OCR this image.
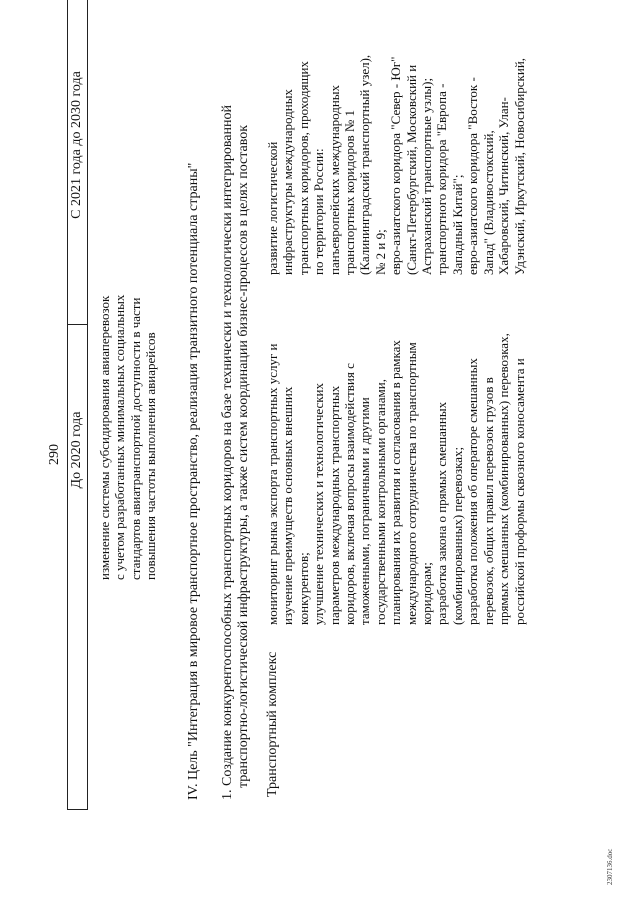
290 До 2020 года
С 2021 года до 2030 года
изменение системы субсидирования авиаперевозок с учетом разработанных минимальных социальных стандартов авиатранспортной доступности в части повышения частоты выполнения авиарейсов IV. Цель "Интеграция в мировое транспортное пространство, реализация транзитного потенциала страны" 1. Создание конкурентоспособных транспортных коридоров на базе технически и технологически интегрированной транспортно-логистической инфраструктуры, а также систем координации бизнес-процессов в целях поставок Транспортный комплекс
мониторинг рынка экспорта транспортных услуг и изучение преимуществ основных внешних конкурентов; улучшение технических и технологических параметров международных транспортных коридоров, включая вопросы взаимодействия с таможенными, пограничными и другими государственными контрольными органами, планирования их развития и согласования в рамках международного сотрудничества по транспортным коридорам; разработка закона о прямых смешанных (комбинированных) перевозках; разработка положения об операторе смешанных перевозок, общих правил перевозок грузов в прямых смешанных (комбинированных) перевозках, российской проформы сквозного коносамента и
развитие логистической инфраструктуры международных транспортных коридоров, проходящих по территории России: панъевропейских международных транспортных коридоров № 1 (Калининградский транспортный узел), № 2 и 9; евро-азиатского коридора "Север - Юг" (Санкт-Петербургский, Московский и Астраханский транспортные узлы); транспортного коридора "Европа - Западный Китай"; евро-азиатского коридора "Восток - Запад" (Владивостокский, Хабаровский, Читинский, Улан- Удэнский, Иркутский, Новосибирский,
2307136.doc
